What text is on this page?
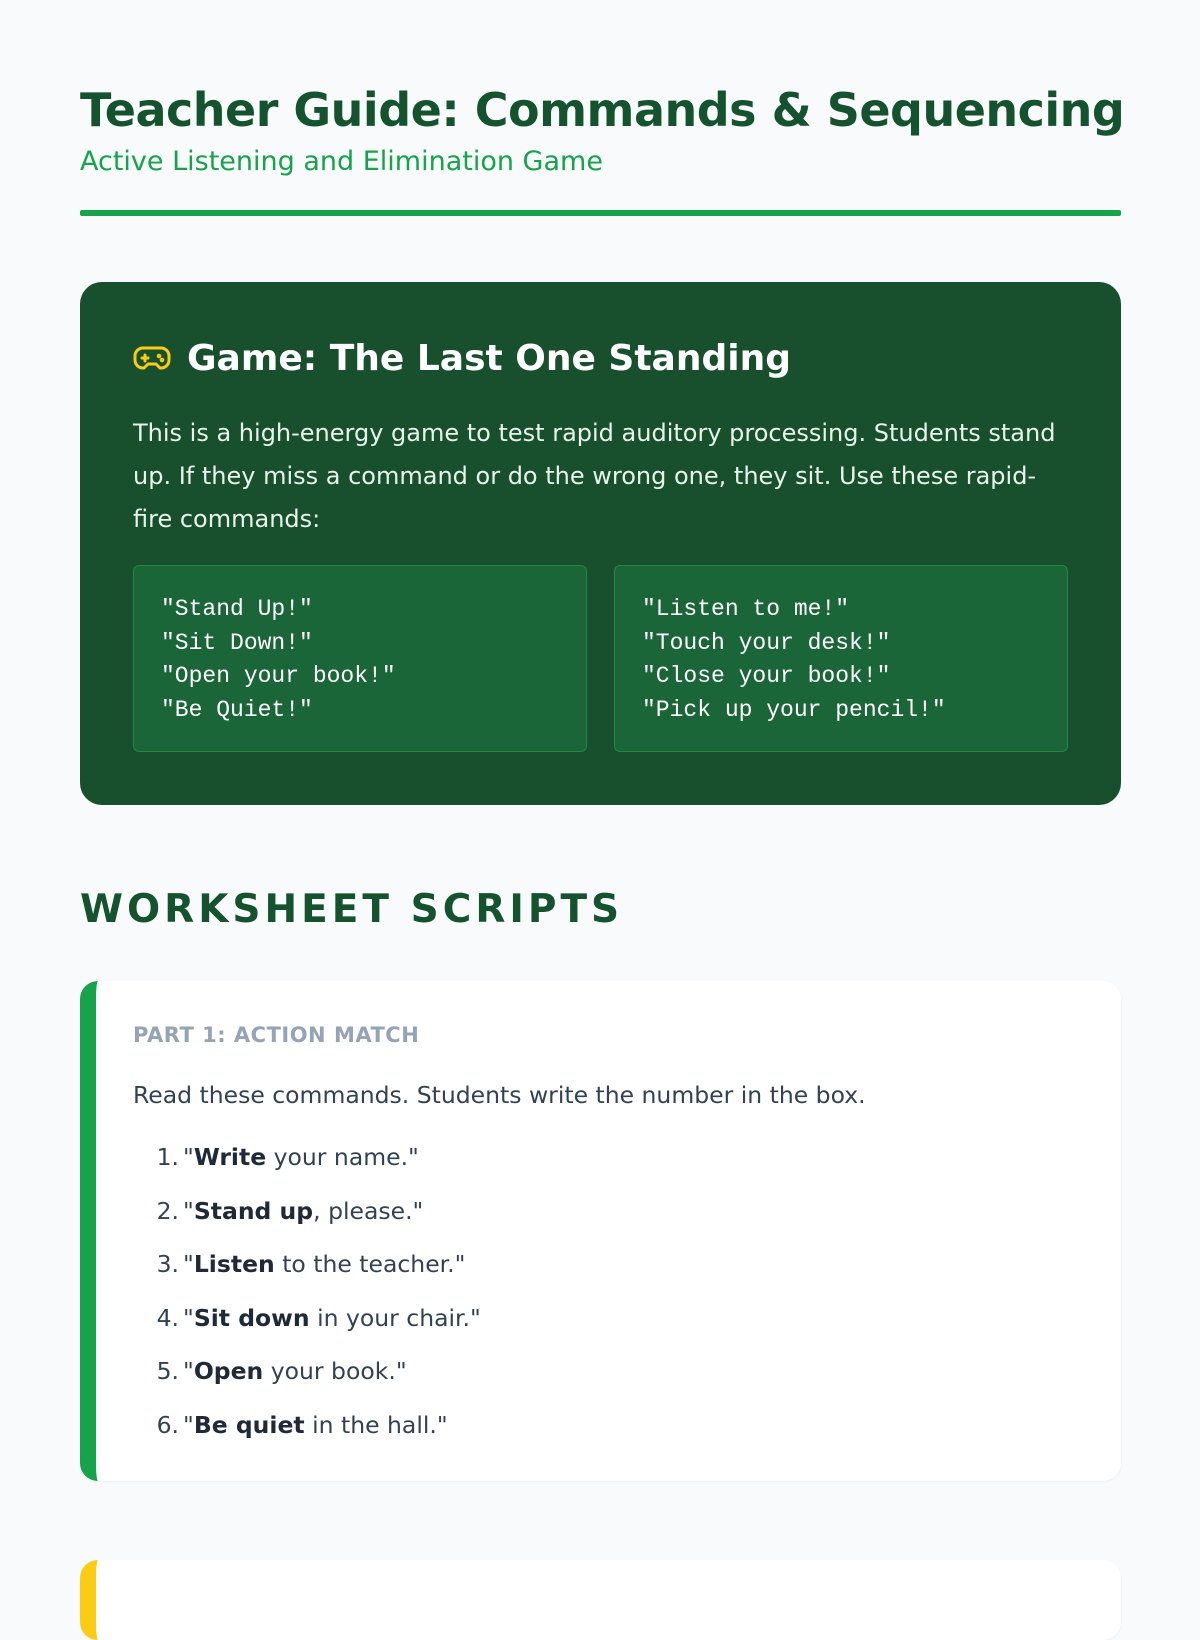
Teacher Guide: Commands & Sequencing

Active Listening and Elimination Game

Game: The Last One Standing

This is a high-energy game to test rapid auditory processing. Students stand up. If they miss a command or do the wrong one, they sit. Use these rapid-fire commands:

"Stand Up!"
"Sit Down!"
"Open your book!"
"Be Quiet!"
"Listen to me!"
"Touch your desk!"
"Close your book!"
"Pick up your pencil!"
WORKSHEET SCRIPTS

PART 1: ACTION MATCH

Read these commands. Students write the number in the box.

1. "Write your name."
2. "Stand up, please."
3. "Listen to the teacher."
4. "Sit down in your chair."
5. "Open your book."
6. "Be quiet in the hall."
